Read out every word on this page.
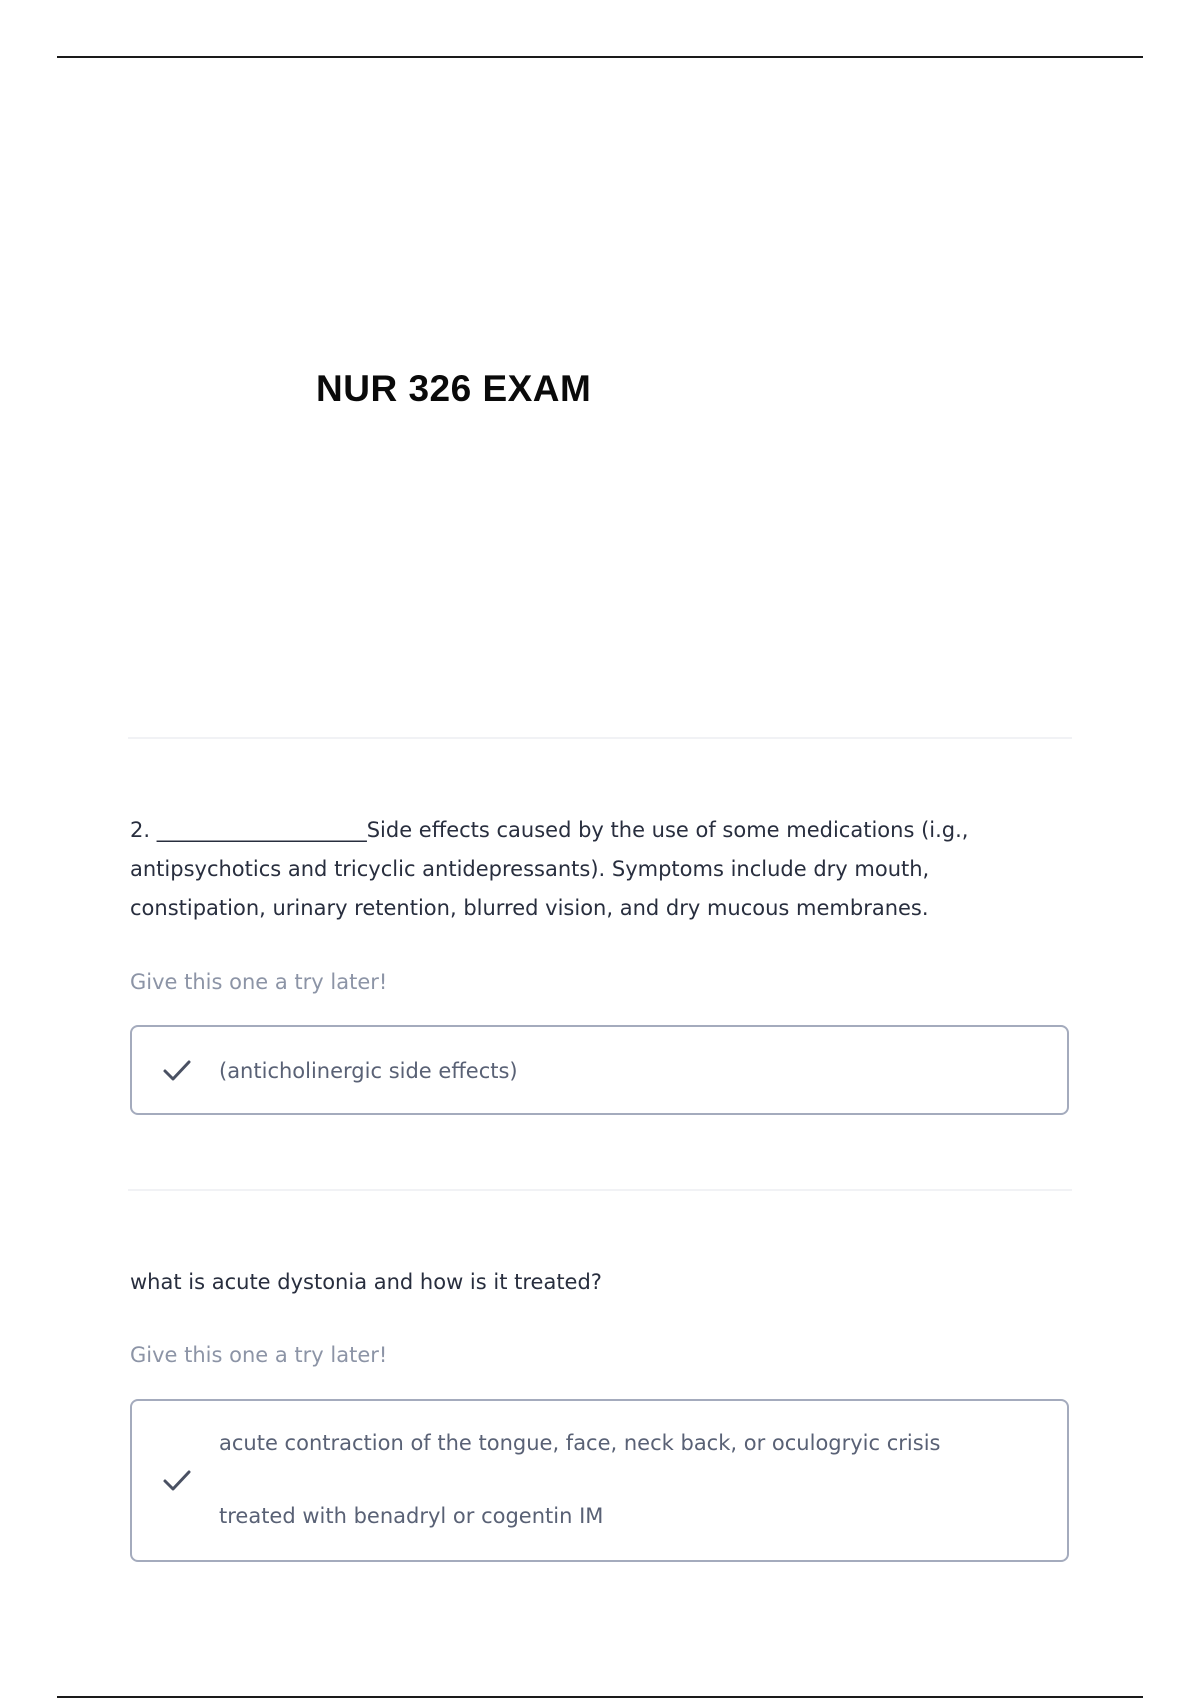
NUR 326 EXAM

2. ____________________Side effects caused by the use of some medications (i.g., antipsychotics and tricyclic antidepressants). Symptoms include dry mouth, constipation, urinary retention, blurred vision, and dry mucous membranes.

Give this one a try later!

(anticholinergic side effects)

what is acute dystonia and how is it treated?

Give this one a try later!

acute contraction of the tongue, face, neck back, or oculogryic crisis

treated with benadryl or cogentin IM
